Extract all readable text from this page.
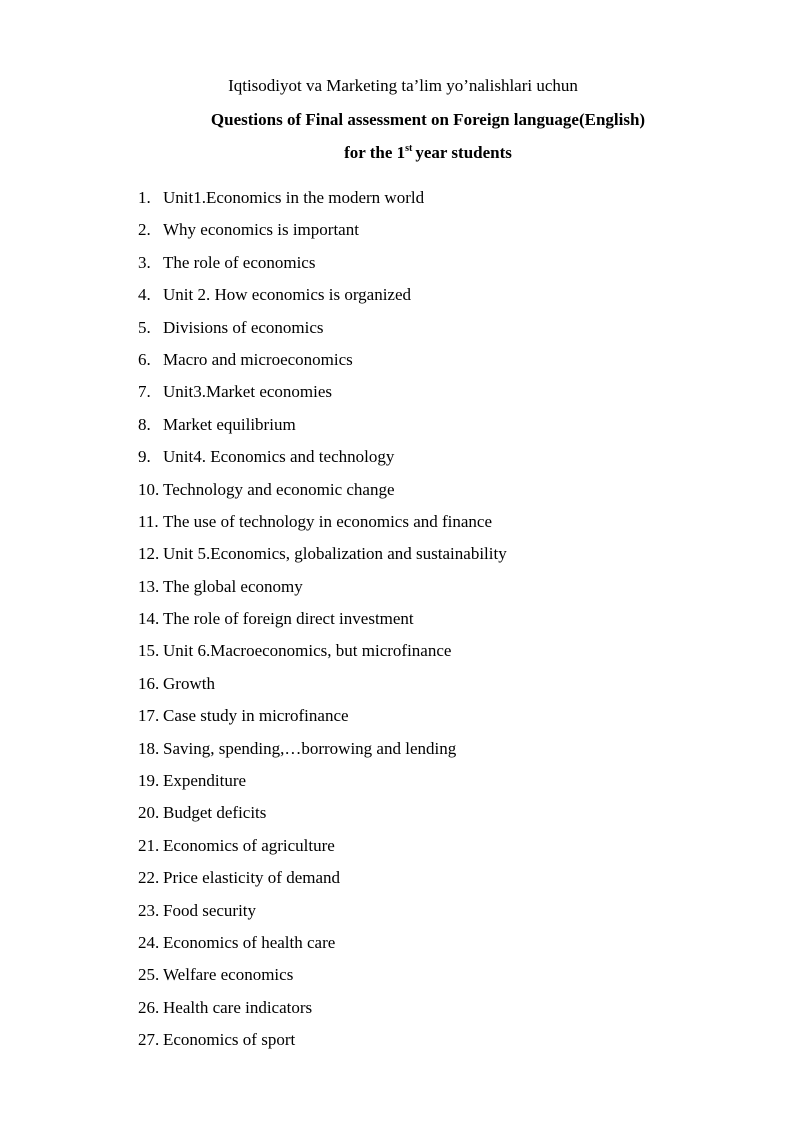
Iqtisodiyot va Marketing ta’lim yo’nalishlari uchun
Questions of Final assessment on Foreign language(English)
for the 1st year students
1. Unit1.Economics in the modern world
2. Why economics is important
3. The role of economics
4. Unit 2. How economics is organized
5. Divisions of economics
6. Macro and microeconomics
7. Unit3.Market economies
8. Market equilibrium
9. Unit4. Economics and technology
10. Technology and economic change
11. The use of technology in economics and finance
12. Unit 5.Economics, globalization and sustainability
13. The global economy
14. The role of foreign direct investment
15. Unit 6.Macroeconomics, but microfinance
16. Growth
17. Case study in microfinance
18. Saving, spending,…borrowing and lending
19. Expenditure
20. Budget deficits
21. Economics of agriculture
22. Price elasticity of demand
23. Food security
24. Economics of health care
25. Welfare economics
26. Health care indicators
27. Economics of sport
